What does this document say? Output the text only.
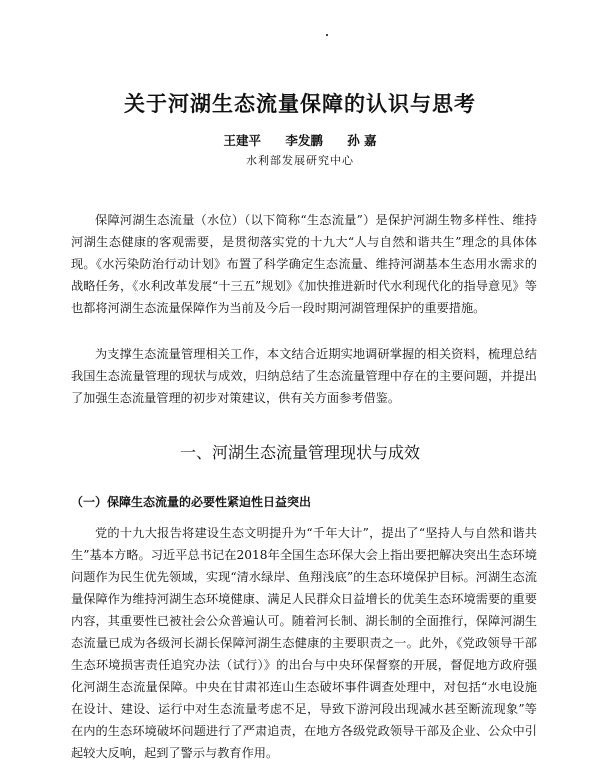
关于河湖生态流量保障的认识与思考
王建平 李发鹏 孙 嘉
水利部发展研究中心

保障河湖生态流量（水位）（以下简称“生态流量”）是保护河湖生物多样性、维持河湖生态健康的客观需要，是贯彻落实党的十九大“人与自然和谐共生”理念的具体体现。《水污染防治行动计划》布置了科学确定生态流量、维持河湖基本生态用水需求的战略任务，《水利改革发展“十三五”规划》《加快推进新时代水利现代化的指导意见》等也都将河湖生态流量保障作为当前及今后一段时期河湖管理保护的重要措施。

为支撑生态流量管理相关工作，本文结合近期实地调研掌握的相关资料，梳理总结我国生态流量管理的现状与成效，归纳总结了生态流量管理中存在的主要问题，并提出了加强生态流量管理的初步对策建议，供有关方面参考借鉴。

一、河湖生态流量管理现状与成效
（一）保障生态流量的必要性紧迫性日益突出

党的十九大报告将建设生态文明提升为“千年大计”，提出了“坚持人与自然和谐共生”基本方略。习近平总书记在2018年全国生态环保大会上指出要把解决突出生态环境问题作为民生优先领域，实现“清水绿岸、鱼翔浅底”的生态环境保护目标。河湖生态流量保障作为维持河湖生态环境健康、满足人民群众日益增长的优美生态环境需要的重要内容，其重要性已被社会公众普遍认可。随着河长制、湖长制的全面推行，保障河湖生态流量已成为各级河长湖长保障河湖生态健康的主要职责之一。此外，《党政领导干部生态环境损害责任追究办法（试行）》的出台与中央环保督察的开展，督促地方政府强化河湖生态流量保障。中央在甘肃祁连山生态破坏事件调查处理中，对包括“水电设施在设计、建设、运行中对生态流量考虑不足，导致下游河段出现减水甚至断流现象”等在内的生态环境破坏问题进行了严肃追责，在地方各级党政领导干部及企业、公众中引起较大反响，起到了警示与教育作用。
